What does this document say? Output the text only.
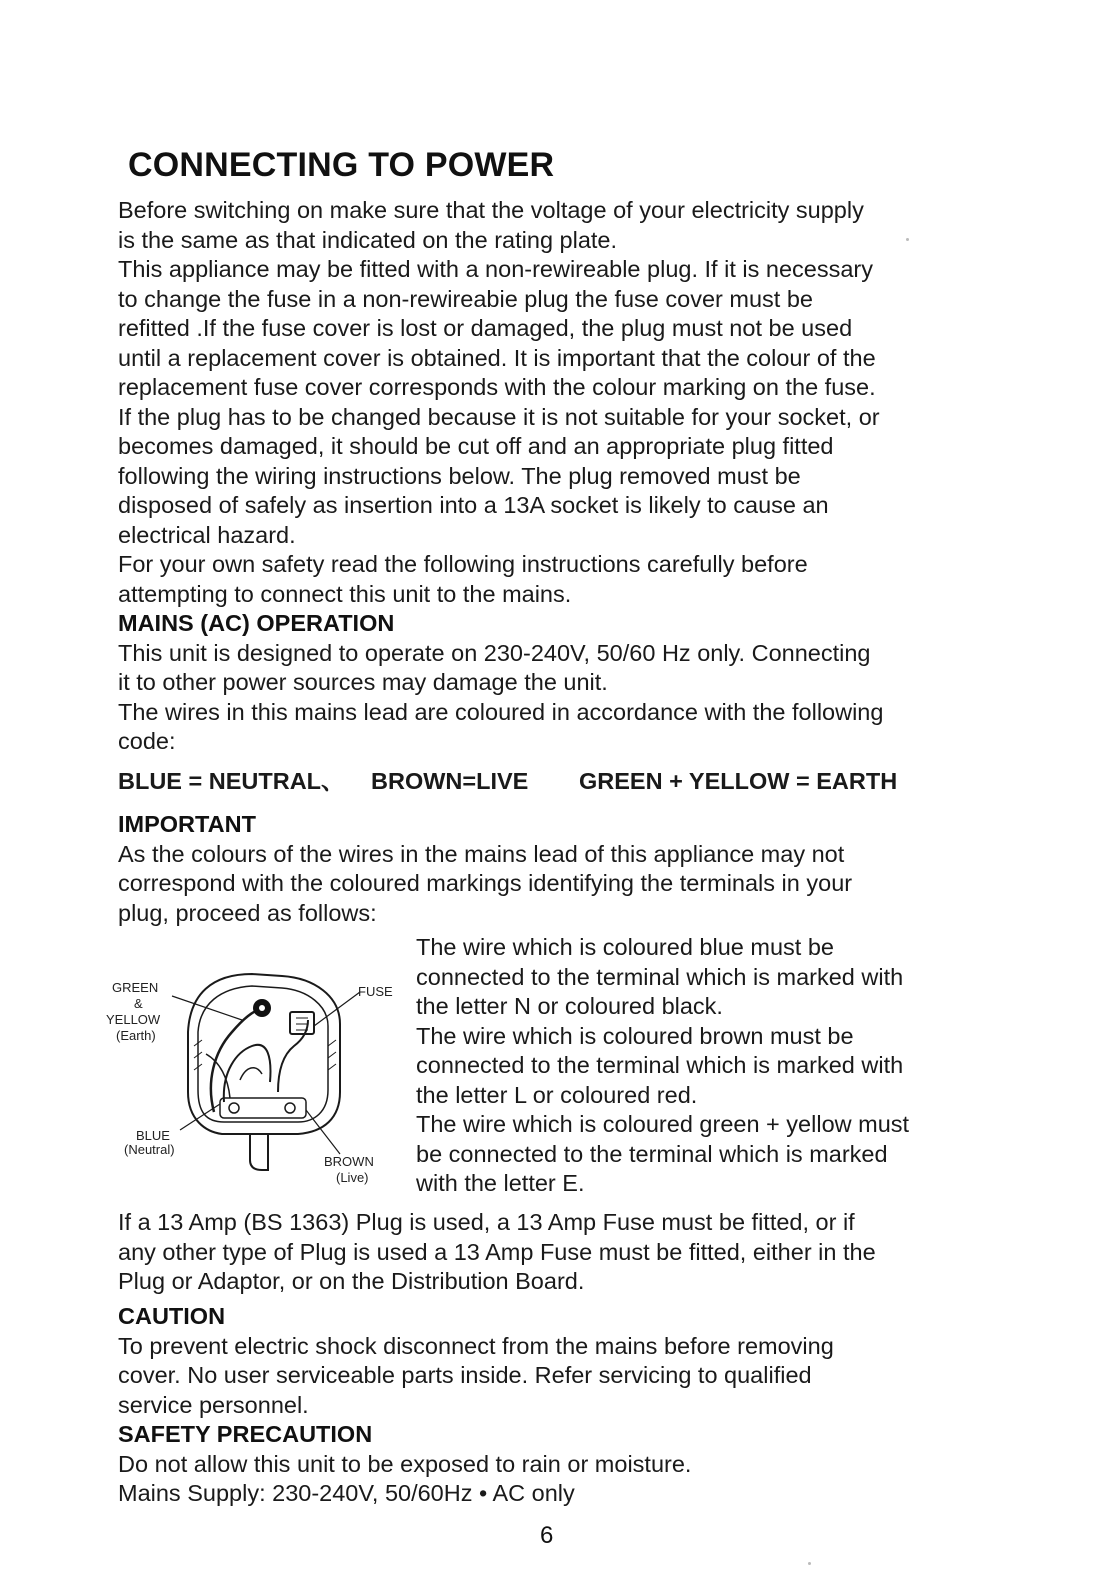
CONNECTING TO POWER
Before switching on make sure that the voltage of your electricity supply
is the same as that indicated on the rating plate.
This appliance may be fitted with a non-rewireable plug. If it is necessary
to change the fuse in a non-rewireabie plug the fuse cover must be
refitted .If the fuse cover is lost or damaged, the plug must not be used
until a replacement cover is obtained. It is important that the colour of the
replacement fuse cover corresponds with the colour marking on the fuse.
If the plug has to be changed because it is not suitable for your socket, or
becomes damaged, it should be cut off and an appropriate plug fitted
following the wiring instructions below. The plug removed must be
disposed of safely as insertion into a 13A socket is likely to cause an
electrical hazard.
For your own safety read the following instructions carefully before
attempting to connect this unit to the mains.
MAINS (AC) OPERATION
This unit is designed to operate on 230-240V, 50/60 Hz only. Connecting
it to other power sources may damage the unit.
The wires in this mains lead are coloured in accordance with the following
code:
BLUE = NEUTRAL、 BROWN=LIVE GREEN + YELLOW = EARTH
IMPORTANT
As the colours of the wires in the mains lead of this appliance may not
correspond with the coloured markings identifying the terminals in your
plug, proceed as follows:
GREEN
&
YELLOW
(Earth)
FUSE
BLUE
(Neutral)
BROWN
(Live)
The wire which is coloured blue must be
connected to the terminal which is marked with
the letter N or coloured black.
The wire which is coloured brown must be
connected to the terminal which is marked with
the letter L or coloured red.
The wire which is coloured green + yellow must
be connected to the terminal which is marked
with the letter E.
If a 13 Amp (BS 1363) Plug is used, a 13 Amp Fuse must be fitted, or if
any other type of Plug is used a 13 Amp Fuse must be fitted, either in the
Plug or Adaptor, or on the Distribution Board.
CAUTION
To prevent electric shock disconnect from the mains before removing
cover. No user serviceable parts inside. Refer servicing to qualified
service personnel.
SAFETY PRECAUTION
Do not allow this unit to be exposed to rain or moisture.
Mains Supply: 230-240V, 50/60Hz • AC only
6
